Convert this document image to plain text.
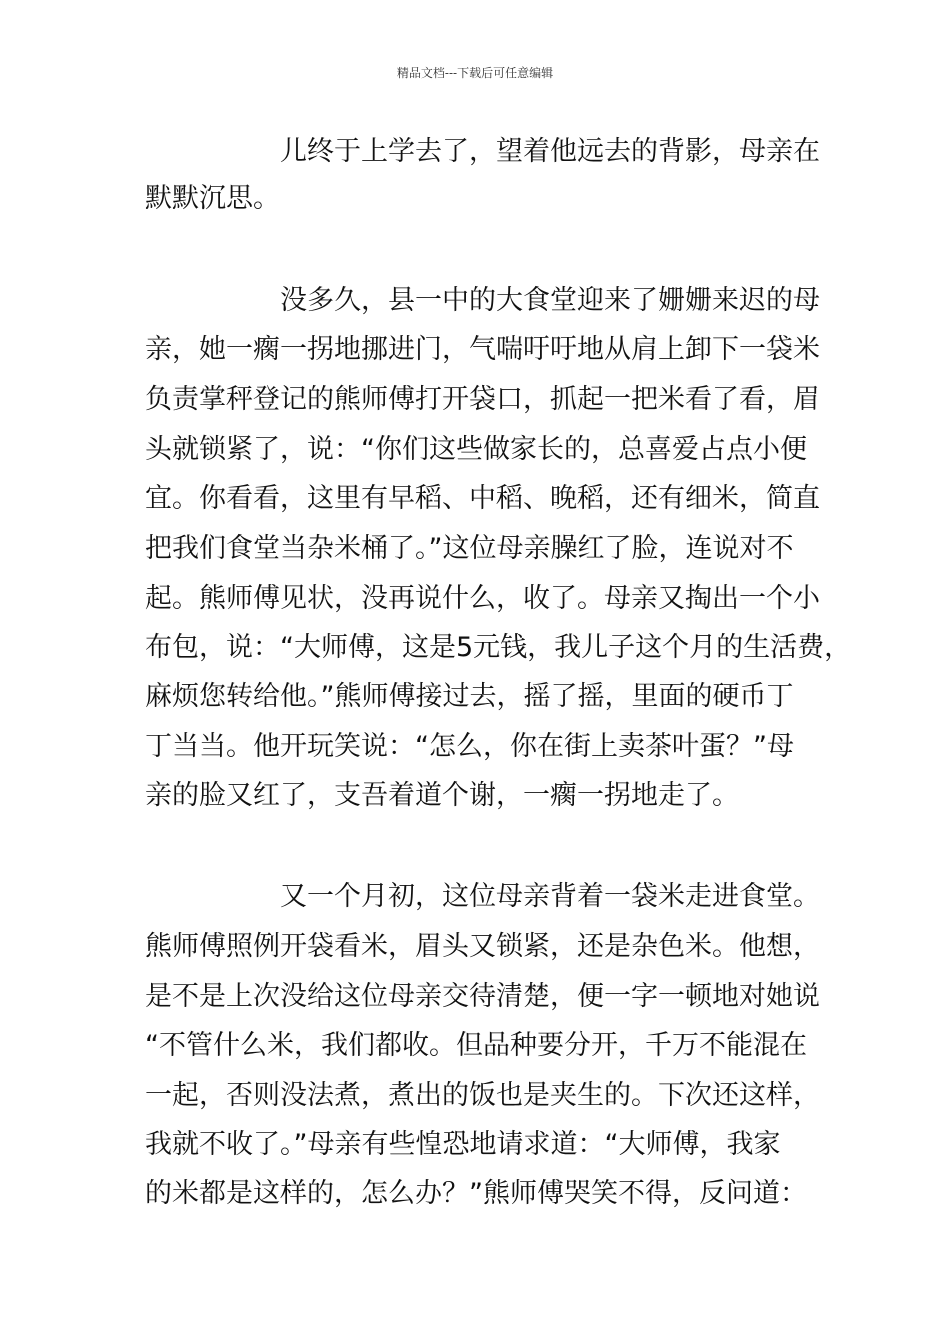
精品文档---下载后可任意编辑
儿终于上学去了，望着他远去的背影，母亲在
默默沉思。
没多久，县一中的大食堂迎来了姗姗来迟的母
亲，她一瘸一拐地挪进门，气喘吁吁地从肩上卸下一袋米
负责掌秤登记的熊师傅打开袋口，抓起一把米看了看，眉
头就锁紧了，说：“你们这些做家长的，总喜爱占点小便
宜。你看看，这里有早稻、中稻、晚稻，还有细米，简直
把我们食堂当杂米桶了。”这位母亲臊红了脸，连说对不
起。熊师傅见状，没再说什么，收了。母亲又掏出一个小
布包，说：“大师傅，这是5元钱，我儿子这个月的生活费，
麻烦您转给他。”熊师傅接过去，摇了摇，里面的硬币丁
丁当当。他开玩笑说：“怎么，你在街上卖茶叶蛋？”母
亲的脸又红了，支吾着道个谢，一瘸一拐地走了。
又一个月初，这位母亲背着一袋米走进食堂。
熊师傅照例开袋看米，眉头又锁紧，还是杂色米。他想，
是不是上次没给这位母亲交待清楚，便一字一顿地对她说
“不管什么米，我们都收。但品种要分开，千万不能混在
一起，否则没法煮，煮出的饭也是夹生的。下次还这样，
我就不收了。”母亲有些惶恐地请求道：“大师傅，我家
的米都是这样的，怎么办？”熊师傅哭笑不得，反问道：
